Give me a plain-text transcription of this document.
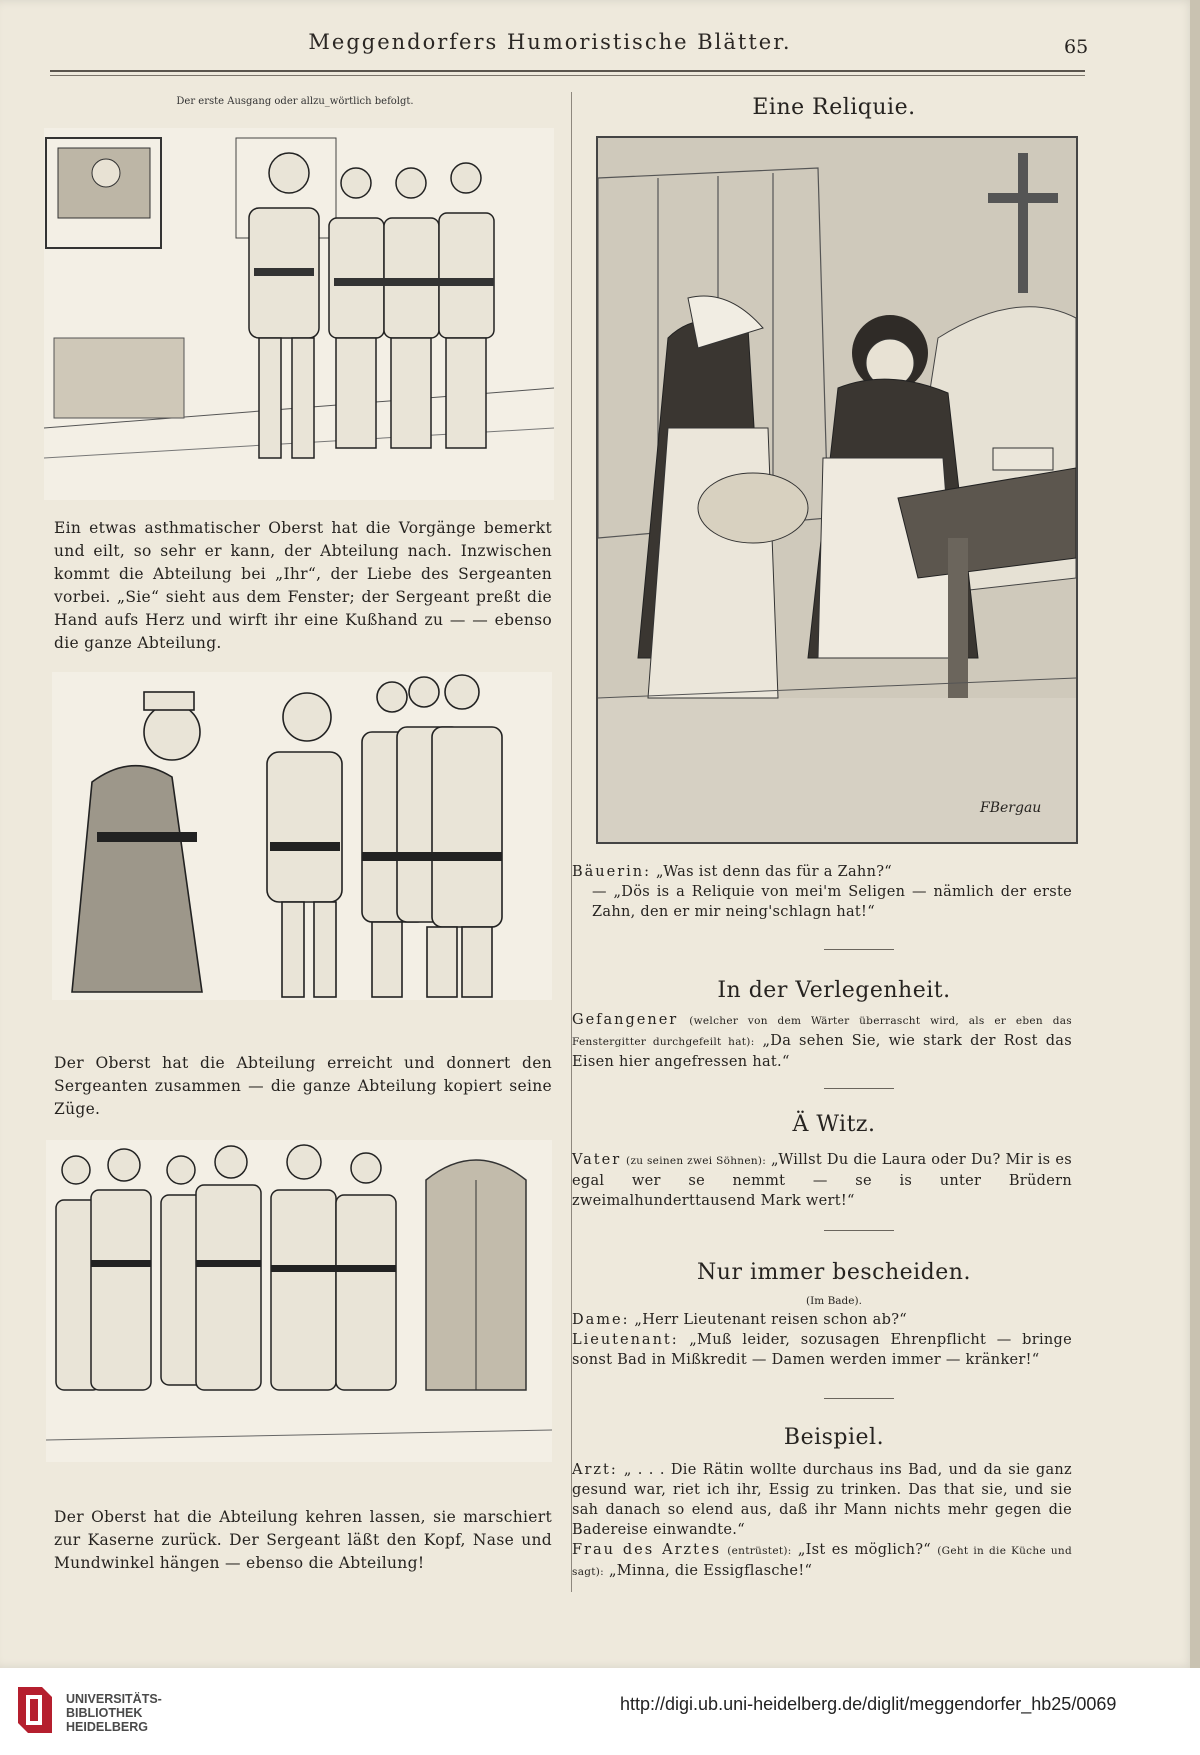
Meggendorfers Humoristische Blätter.	65
Der erste Ausgang oder allzu_wörtlich befolgt.
Ein etwas asthmatischer Oberst hat die Vorgänge bemerkt und eilt, so sehr er kann, der Abteilung nach. Inzwischen kommt die Abteilung bei „Ihr“, der Liebe des Sergeanten vorbei. „Sie“ sieht aus dem Fenster; der Sergeant preßt die Hand aufs Herz und wirft ihr eine Kußhand zu — — ebenso die ganze Abteilung.
Der Oberst hat die Abteilung erreicht und donnert den Sergeanten zusammen — die ganze Abteilung kopiert seine Züge.
Der Oberst hat die Abteilung kehren lassen, sie marschiert zur Kaserne zurück. Der Sergeant läßt den Kopf, Nase und Mundwinkel hängen — ebenso die Abteilung!
Eine Reliquie.
FBergau
Bäuerin: „Was ist denn das für a Zahn?“
— „Dös is a Reliquie von mei'm Seligen — nämlich der erste Zahn, den er mir neing'schlagn hat!“
In der Verlegenheit.
Gefangener (welcher von dem Wärter überrascht wird, als er eben das Fenstergitter durchgefeilt hat): „Da sehen Sie, wie stark der Rost das Eisen hier angefressen hat.“
Ä Witz.
Vater (zu seinen zwei Söhnen): „Willst Du die Laura oder Du? Mir is es egal wer se nemmt — se is unter Brüdern zweimalhunderttausend Mark wert!“
Nur immer bescheiden.
(Im Bade).
Dame: „Herr Lieutenant reisen schon ab?“
Lieutenant: „Muß leider, sozusagen Ehrenpflicht — bringe sonst Bad in Mißkredit — Damen werden immer — kränker!“
Beispiel.
Arzt: „ . . . Die Rätin wollte durchaus ins Bad, und da sie ganz gesund war, riet ich ihr, Essig zu trinken. Das that sie, und sie sah danach so elend aus, daß ihr Mann nichts mehr gegen die Badereise einwandte.“
Frau des Arztes (entrüstet): „Ist es möglich?“ (Geht in die Küche und sagt): „Minna, die Essigflasche!“
UNIVERSITÄTS-
BIBLIOTHEK
HEIDELBERG
http://digi.ub.uni-heidelberg.de/diglit/meggendorfer_hb25/0069
